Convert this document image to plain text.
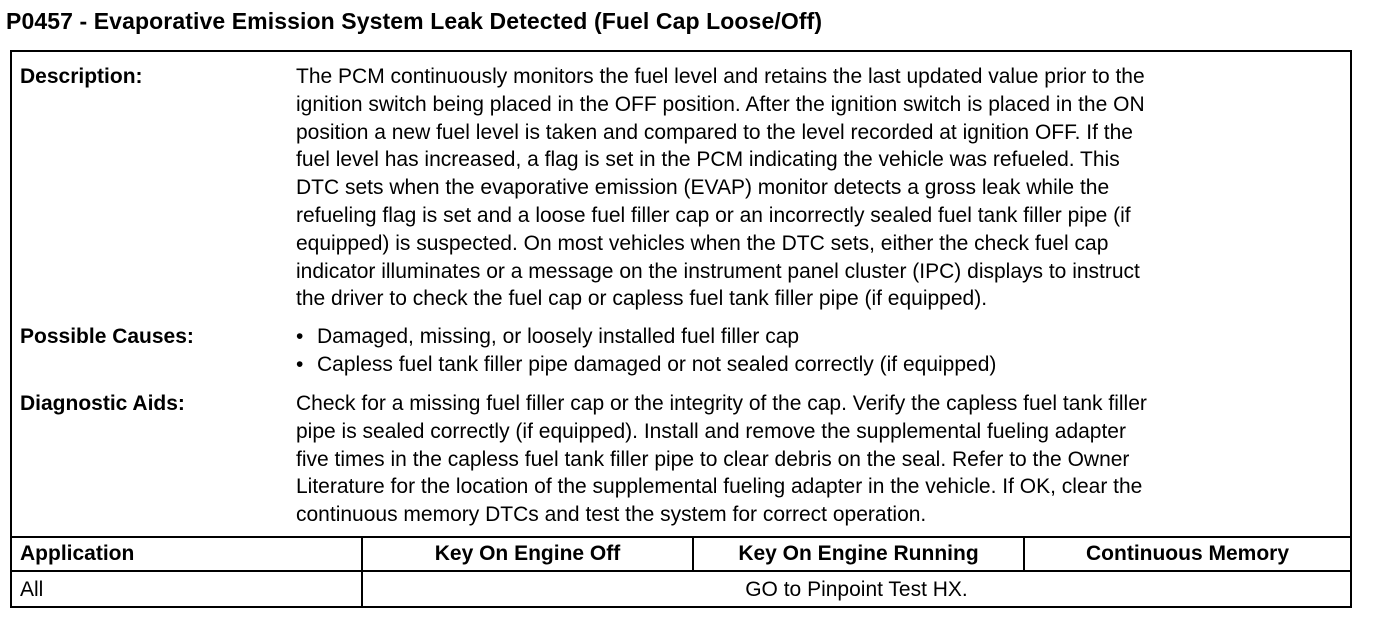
P0457 - Evaporative Emission System Leak Detected (Fuel Cap Loose/Off)
Description:	The PCM continuously monitors the fuel level and retains the last updated value prior to the
ignition switch being placed in the OFF position. After the ignition switch is placed in the ON
position a new fuel level is taken and compared to the level recorded at ignition OFF. If the
fuel level has increased, a flag is set in the PCM indicating the vehicle was refueled. This
DTC sets when the evaporative emission (EVAP) monitor detects a gross leak while the
refueling flag is set and a loose fuel filler cap or an incorrectly sealed fuel tank filler pipe (if
equipped) is suspected. On most vehicles when the DTC sets, either the check fuel cap
indicator illuminates or a message on the instrument panel cluster (IPC) displays to instruct
the driver to check the fuel cap or capless fuel tank filler pipe (if equipped).
Possible Causes:	• Damaged, missing, or loosely installed fuel filler cap
• Capless fuel tank filler pipe damaged or not sealed correctly (if equipped)
Diagnostic Aids:	Check for a missing fuel filler cap or the integrity of the cap. Verify the capless fuel tank filler
pipe is sealed correctly (if equipped). Install and remove the supplemental fueling adapter
five times in the capless fuel tank filler pipe to clear debris on the seal. Refer to the Owner
Literature for the location of the supplemental fueling adapter in the vehicle. If OK, clear the
continuous memory DTCs and test the system for correct operation.
Application	Key On Engine Off	Key On Engine Running	Continuous Memory
All	GO to Pinpoint Test HX.
